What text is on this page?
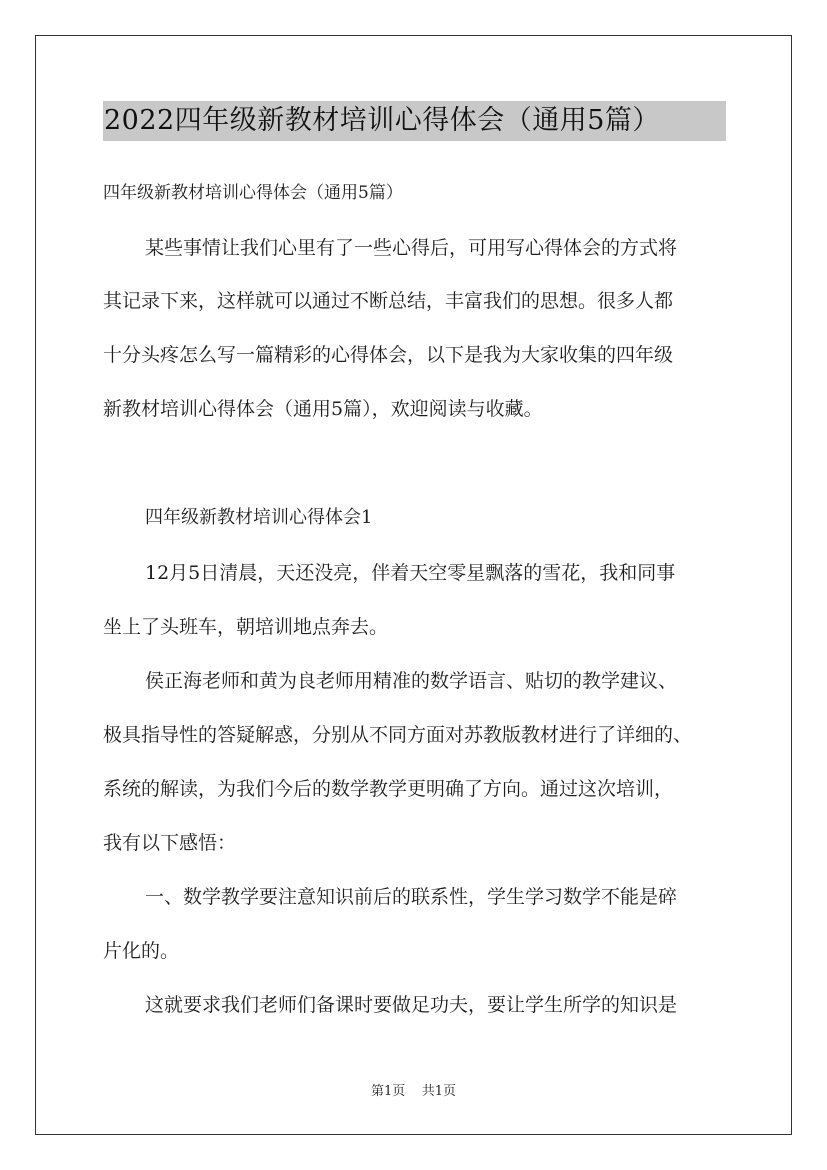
2022四年级新教材培训心得体会（通用5篇）
四年级新教材培训心得体会（通用5篇）
某些事情让我们心里有了一些心得后，可用写心得体会的方式将
其记录下来，这样就可以通过不断总结，丰富我们的思想。很多人都
十分头疼怎么写一篇精彩的心得体会，以下是我为大家收集的四年级
新教材培训心得体会（通用5篇），欢迎阅读与收藏。
四年级新教材培训心得体会1
12月5日清晨，天还没亮，伴着天空零星飘落的雪花，我和同事
坐上了头班车，朝培训地点奔去。
侯正海老师和黄为良老师用精准的数学语言、贴切的教学建议、
极具指导性的答疑解惑，分别从不同方面对苏教版教材进行了详细的、
系统的解读，为我们今后的数学教学更明确了方向。通过这次培训，
我有以下感悟：
一、数学教学要注意知识前后的联系性，学生学习数学不能是碎
片化的。
这就要求我们老师们备课时要做足功夫，要让学生所学的知识是
第1页 共1页
